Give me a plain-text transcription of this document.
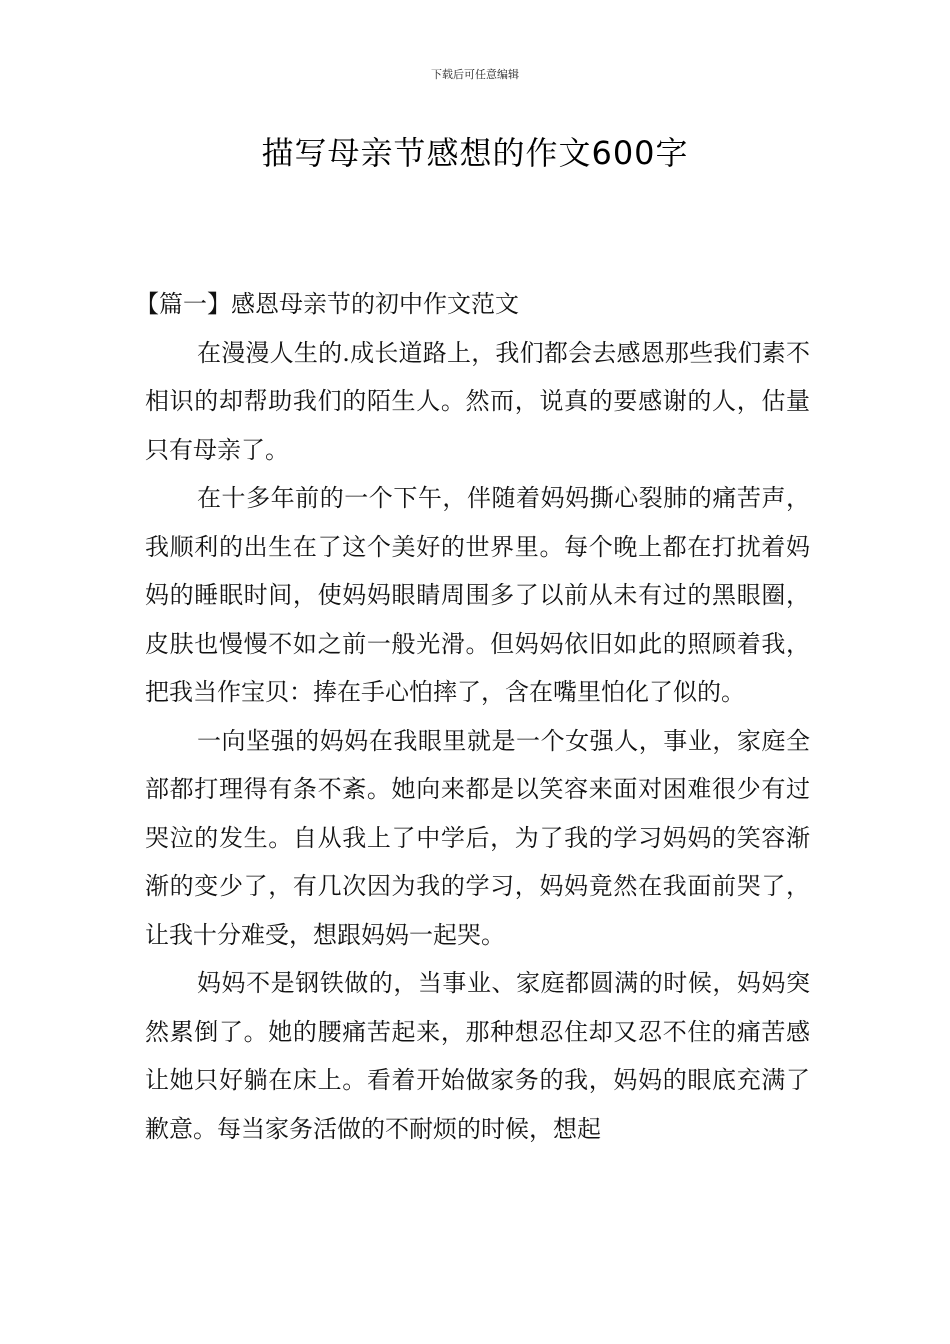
下载后可任意编辑
描写母亲节感想的作文600字

【篇一】感恩母亲节的初中作文范文

在漫漫人生的.成长道路上，我们都会去感恩那些我们素不相识的却帮助我们的陌生人。然而，说真的要感谢的人，估量只有母亲了。

在十多年前的一个下午，伴随着妈妈撕心裂肺的痛苦声，我顺利的出生在了这个美好的世界里。每个晚上都在打扰着妈妈的睡眠时间，使妈妈眼睛周围多了以前从未有过的黑眼圈，皮肤也慢慢不如之前一般光滑。但妈妈依旧如此的照顾着我，把我当作宝贝：捧在手心怕摔了，含在嘴里怕化了似的。

一向坚强的妈妈在我眼里就是一个女强人，事业，家庭全部都打理得有条不紊。她向来都是以笑容来面对困难很少有过哭泣的发生。自从我上了中学后，为了我的学习妈妈的笑容渐渐的变少了，有几次因为我的学习，妈妈竟然在我面前哭了，让我十分难受，想跟妈妈一起哭。

妈妈不是钢铁做的，当事业、家庭都圆满的时候，妈妈突然累倒了。她的腰痛苦起来，那种想忍住却又忍不住的痛苦感让她只好躺在床上。看着开始做家务的我，妈妈的眼底充满了歉意。每当家务活做的不耐烦的时候，想起
